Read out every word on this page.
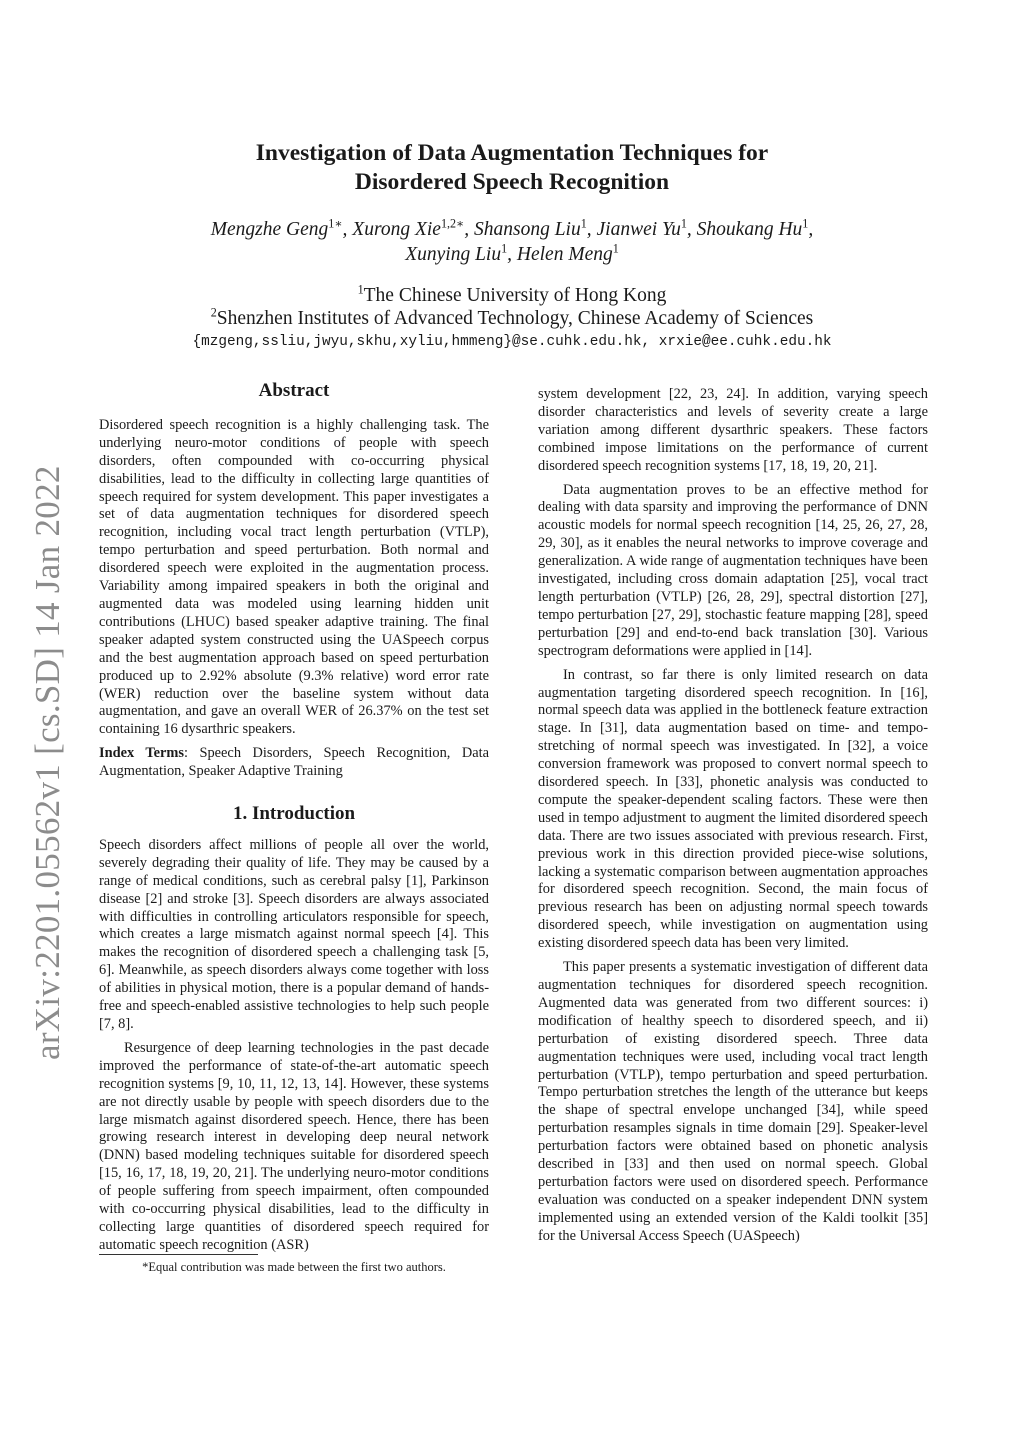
arXiv:2201.05562v1 [cs.SD] 14 Jan 2022
Investigation of Data Augmentation Techniques for
Disordered Speech Recognition
Mengzhe Geng$^{1∗}$, Xurong Xie$^{1,2∗}$, Shansong Liu$^1$, Jianwei Yu$^1$, Shoukang Hu$^1$,
Xunying Liu$^1$, Helen Meng$^1$
$^1$The Chinese University of Hong Kong
$^2$Shenzhen Institutes of Advanced Technology, Chinese Academy of Sciences
{mzgeng,ssliu,jwyu,skhu,xyliu,hmmeng}@se.cuhk.edu.hk, xrxie@ee.cuhk.edu.hk
Abstract

Disordered speech recognition is a highly challenging task. The underlying neuro-motor conditions of people with speech disorders, often compounded with co-occurring physical disabilities, lead to the difficulty in collecting large quantities of speech required for system development. This paper investigates a set of data augmentation techniques for disordered speech recognition, including vocal tract length perturbation (VTLP), tempo perturbation and speed perturbation. Both normal and disordered speech were exploited in the augmentation process. Variability among impaired speakers in both the original and augmented data was modeled using learning hidden unit contributions (LHUC) based speaker adaptive training. The final speaker adapted system constructed using the UASpeech corpus and the best augmentation approach based on speed perturbation produced up to 2.92% absolute (9.3% relative) word error rate (WER) reduction over the baseline system without data augmentation, and gave an overall WER of 26.37% on the test set containing 16 dysarthric speakers.

Index Terms: Speech Disorders, Speech Recognition, Data Augmentation, Speaker Adaptive Training

1. Introduction

Speech disorders affect millions of people all over the world, severely degrading their quality of life. They may be caused by a range of medical conditions, such as cerebral palsy [1], Parkinson disease [2] and stroke [3]. Speech disorders are always associated with difficulties in controlling articulators responsible for speech, which creates a large mismatch against normal speech [4]. This makes the recognition of disordered speech a challenging task [5, 6]. Meanwhile, as speech disorders always come together with loss of abilities in physical motion, there is a popular demand of hands-free and speech-enabled assistive technologies to help such people [7, 8].

Resurgence of deep learning technologies in the past decade improved the performance of state-of-the-art automatic speech recognition systems [9, 10, 11, 12, 13, 14]. However, these systems are not directly usable by people with speech disorders due to the large mismatch against disordered speech. Hence, there has been growing research interest in developing deep neural network (DNN) based modeling techniques suitable for disordered speech [15, 16, 17, 18, 19, 20, 21]. The underlying neuro-motor conditions of people suffering from speech impairment, often compounded with co-occurring physical disabilities, lead to the difficulty in collecting large quantities of disordered speech required for automatic speech recognition (ASR)

system development [22, 23, 24]. In addition, varying speech disorder characteristics and levels of severity create a large variation among different dysarthric speakers. These factors combined impose limitations on the performance of current disordered speech recognition systems [17, 18, 19, 20, 21].

Data augmentation proves to be an effective method for dealing with data sparsity and improving the performance of DNN acoustic models for normal speech recognition [14, 25, 26, 27, 28, 29, 30], as it enables the neural networks to improve coverage and generalization. A wide range of augmentation techniques have been investigated, including cross domain adaptation [25], vocal tract length perturbation (VTLP) [26, 28, 29], spectral distortion [27], tempo perturbation [27, 29], stochastic feature mapping [28], speed perturbation [29] and end-to-end back translation [30]. Various spectrogram deformations were applied in [14].

In contrast, so far there is only limited research on data augmentation targeting disordered speech recognition. In [16], normal speech data was applied in the bottleneck feature extraction stage. In [31], data augmentation based on time- and tempo-stretching of normal speech was investigated. In [32], a voice conversion framework was proposed to convert normal speech to disordered speech. In [33], phonetic analysis was conducted to compute the speaker-dependent scaling factors. These were then used in tempo adjustment to augment the limited disordered speech data. There are two issues associated with previous research. First, previous work in this direction provided piece-wise solutions, lacking a systematic comparison between augmentation approaches for disordered speech recognition. Second, the main focus of previous research has been on adjusting normal speech towards disordered speech, while investigation on augmentation using existing disordered speech data has been very limited.

This paper presents a systematic investigation of different data augmentation techniques for disordered speech recognition. Augmented data was generated from two different sources: i) modification of healthy speech to disordered speech, and ii) perturbation of existing disordered speech. Three data augmentation techniques were used, including vocal tract length perturbation (VTLP), tempo perturbation and speed perturbation. Tempo perturbation stretches the length of the utterance but keeps the shape of spectral envelope unchanged [34], while speed perturbation resamples signals in time domain [29]. Speaker-level perturbation factors were obtained based on phonetic analysis described in [33] and then used on normal speech. Global perturbation factors were used on disordered speech. Performance evaluation was conducted on a speaker independent DNN system implemented using an extended version of the Kaldi toolkit [35] for the Universal Access Speech (UASpeech)

*Equal contribution was made between the first two authors.
